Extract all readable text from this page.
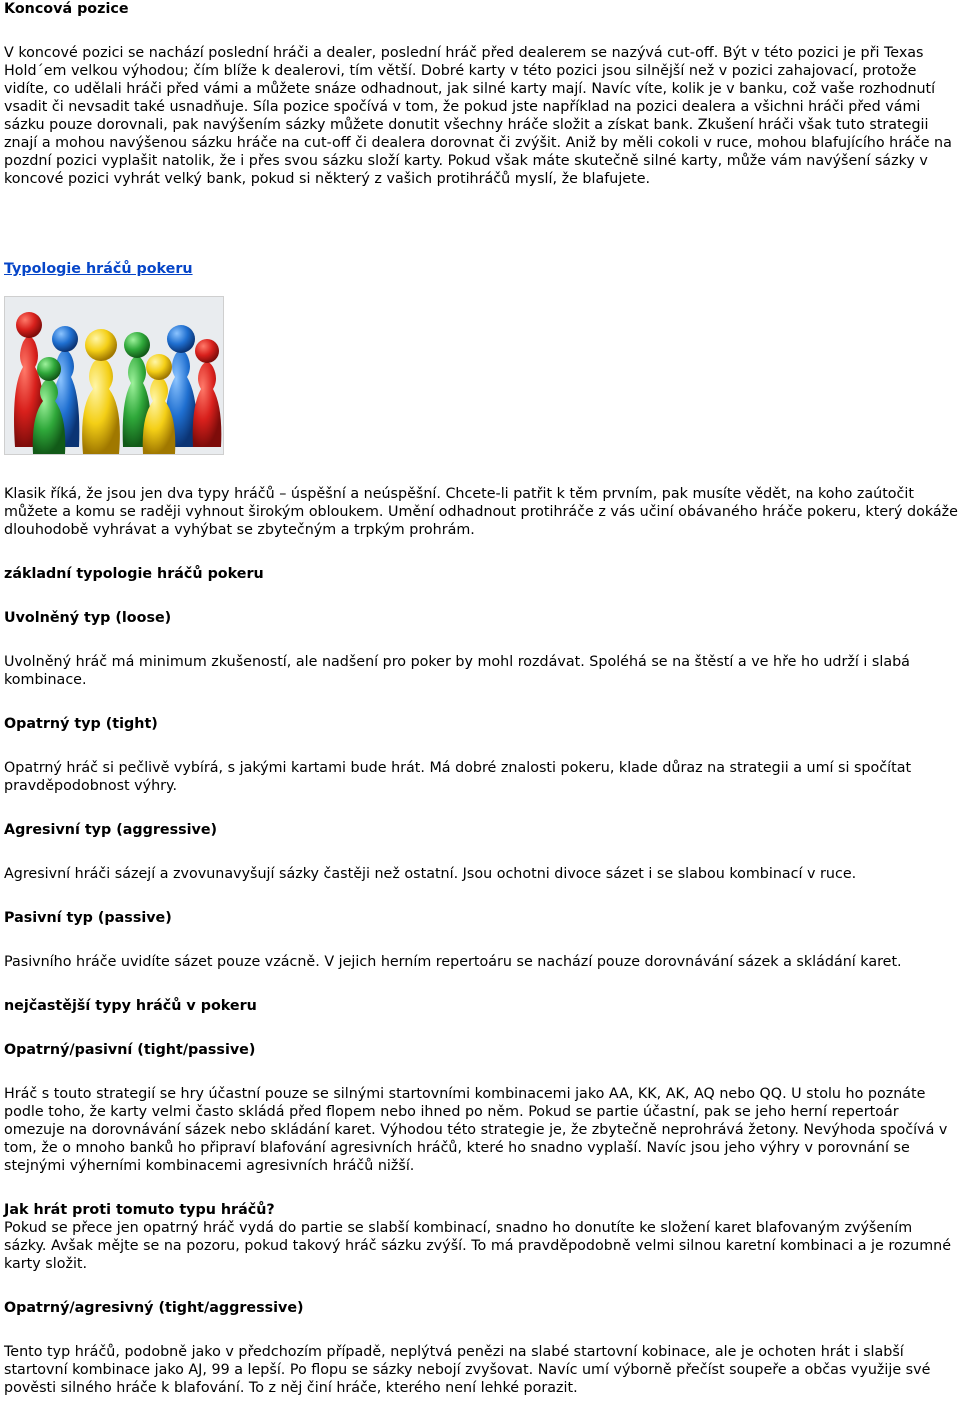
Koncová pozice

V koncové pozici se nachází poslední hráči a dealer, poslední hráč před dealerem se nazývá cut-off. Být v této pozici je při Texas Hold´em velkou výhodou; čím blíže k dealerovi, tím větší. Dobré karty v této pozici jsou silnější než v pozici zahajovací, protože vidíte, co udělali hráči před vámi a můžete snáze odhadnout, jak silné karty mají. Navíc víte, kolik je v banku, což vaše rozhodnutí vsadit či nevsadit také usnadňuje. Síla pozice spočívá v tom, že pokud jste například na pozici dealera a všichni hráči před vámi sázku pouze dorovnali, pak navýšením sázky můžete donutit všechny hráče složit a získat bank. Zkušení hráči však tuto strategii znají a mohou navýšenou sázku hráče na cut-off či dealera dorovnat či zvýšit. Aniž by měli cokoli v ruce, mohou blafujícího hráče na pozdní pozici vyplašit natolik, že i přes svou sázku složí karty. Pokud však máte skutečně silné karty, může vám navýšení sázky v koncové pozici vyhrát velký bank, pokud si některý z vašich protihráčů myslí, že blafujete.

Typologie hráčů pokeru

Klasik říká, že jsou jen dva typy hráčů – úspěšní a neúspěšní. Chcete-li patřit k těm prvním, pak musíte vědět, na koho zaútočit můžete a komu se raději vyhnout širokým obloukem. Umění odhadnout protihráče z vás učiní obávaného hráče pokeru, který dokáže dlouhodobě vyhrávat a vyhýbat se zbytečným a trpkým prohrám.

základní typologie hráčů pokeru

Uvolněný typ (loose)

Uvolněný hráč má minimum zkušeností, ale nadšení pro poker by mohl rozdávat. Spoléhá se na štěstí a ve hře ho udrží i slabá kombinace.

Opatrný typ (tight)

Opatrný hráč si pečlivě vybírá, s jakými kartami bude hrát. Má dobré znalosti pokeru, klade důraz na strategii a umí si spočítat pravděpodobnost výhry.

Agresivní typ (aggressive)

Agresivní hráči sázejí a zvovunavyšují sázky častěji než ostatní. Jsou ochotni divoce sázet i se slabou kombinací v ruce.

Pasivní typ (passive)

Pasivního hráče uvidíte sázet pouze vzácně. V jejich herním repertoáru se nachází pouze dorovnávání sázek a skládání karet.

nejčastější typy hráčů v pokeru

Opatrný/pasivní (tight/passive)

Hráč s touto strategií se hry účastní pouze se silnými startovními kombinacemi jako AA, KK, AK, AQ nebo QQ. U stolu ho poznáte podle toho, že karty velmi často skládá před flopem nebo ihned po něm. Pokud se partie účastní, pak se jeho herní repertoár omezuje na dorovnávání sázek nebo skládání karet. Výhodou této strategie je, že zbytečně neprohrává žetony. Nevýhoda spočívá v tom, že o mnoho banků ho připraví blafování agresivních hráčů, které ho snadno vyplaší. Navíc jsou jeho výhry v porovnání se stejnými výherními kombinacemi agresivních hráčů nižší.

Jak hrát proti tomuto typu hráčů?

Pokud se přece jen opatrný hráč vydá do partie se slabší kombinací, snadno ho donutíte ke složení karet blafovaným zvýšením sázky. Avšak mějte se na pozoru, pokud takový hráč sázku zvýší. To má pravděpodobně velmi silnou karetní kombinaci a je rozumné karty složit.

Opatrný/agresivný (tight/aggressive)

Tento typ hráčů, podobně jako v předchozím případě, neplýtvá penězi na slabé startovní kobinace, ale je ochoten hrát i slabší startovní kombinace jako AJ, 99 a lepší. Po flopu se sázky nebojí zvyšovat. Navíc umí výborně přečíst soupeře a občas využije své pověsti silného hráče k blafování. To z něj činí hráče, kterého není lehké porazit.
